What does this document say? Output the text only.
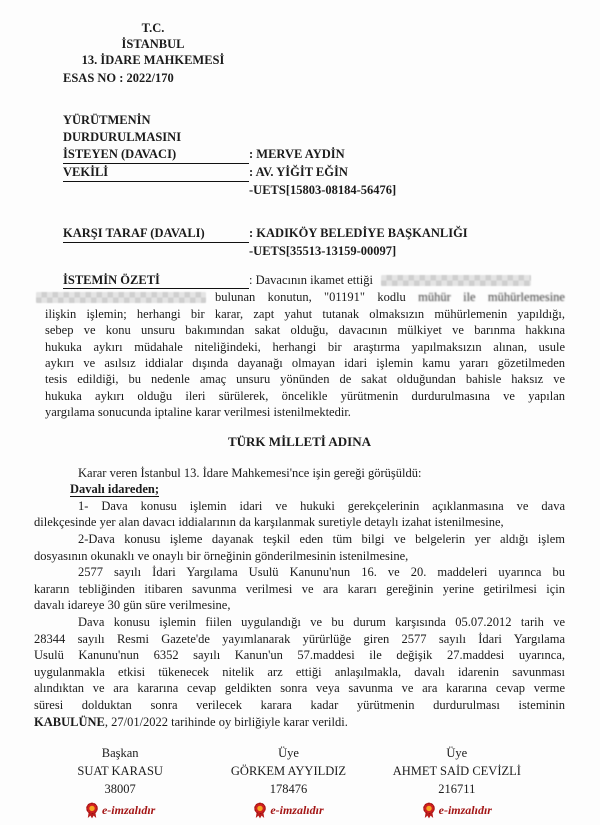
T.C.
İSTANBUL
13. İDARE MAHKEMESİ
ESAS NO : 2022/170
YÜRÜTMENİN DURDURULMASINI
İSTEYEN (DAVACI)	: MERVE AYDİN
VEKİLİ	: AV. YİĞİT EĞİN
-UETS[15803-08184-56476]
KARŞI TARAF (DAVALI)	: KADIKÖY BELEDİYE BAŞKANLIĞI
-UETS[35513-13159-00097]
İSTEMİN ÖZETİ	: Davacının ikamet ettiği
bulunan konutun, "01191" kodlu mühür ile mühürlemesine
ilişkin işlemin; herhangi bir karar, zapt yahut tutanak olmaksızın mühürlemenin yapıldığı,
sebep ve konu unsuru bakımından sakat olduğu, davacının mülkiyet ve barınma hakkına
hukuka aykırı müdahale niteliğindeki, herhangi bir araştırma yapılmaksızın alınan, usule
aykırı ve asılsız iddialar dışında dayanağı olmayan idari işlemin kamu yararı gözetilmeden
tesis edildiği, bu nedenle amaç unsuru yönünden de sakat olduğundan bahisle haksız ve
hukuka aykırı olduğu ileri sürülerek, öncelikle yürütmenin durdurulmasına ve yapılan
yargılama sonucunda iptaline karar verilmesi istenilmektedir.
TÜRK MİLLETİ ADINA
Karar veren İstanbul 13. İdare Mahkemesi'nce işin gereği görüşüldü:
Davalı idareden;
1- Dava konusu işlemin idari ve hukuki gerekçelerinin açıklanmasına ve dava
dilekçesinde yer alan davacı iddialarının da karşılanmak suretiyle detaylı izahat istenilmesine,
2-Dava konusu işleme dayanak teşkil eden tüm bilgi ve belgelerin yer aldığı işlem
dosyasının okunaklı ve onaylı bir örneğinin gönderilmesinin istenilmesine,
2577 sayılı İdari Yargılama Usulü Kanunu'nun 16. ve 20. maddeleri uyarınca bu
kararın tebliğinden itibaren savunma verilmesi ve ara kararı gereğinin yerine getirilmesi için
davalı idareye 30 gün süre verilmesine,
Dava konusu işlemin fiilen uygulandığı ve bu durum karşısında 05.07.2012 tarih ve
28344 sayılı Resmi Gazete'de yayımlanarak yürürlüğe giren 2577 sayılı İdari Yargılama
Usulü Kanunu'nun 6352 sayılı Kanun'un 57.maddesi ile değişik 27.maddesi uyarınca,
uygulanmakla etkisi tükenecek nitelik arz ettiği anlaşılmakla, davalı idarenin savunması
alındıktan ve ara kararına cevap geldikten sonra veya savunma ve ara kararına cevap verme
süresi dolduktan sonra verilecek karara kadar yürütmenin durdurulması isteminin
KABULÜNE, 27/01/2022 tarihinde oy birliğiyle karar verildi.
Başkan
SUAT KARASU
38007
e-imzalıdır
Üye
GÖRKEM AYYILDIZ
178476
e-imzalıdır
Üye
AHMET SAİD CEVİZLİ
216711
e-imzalıdır
